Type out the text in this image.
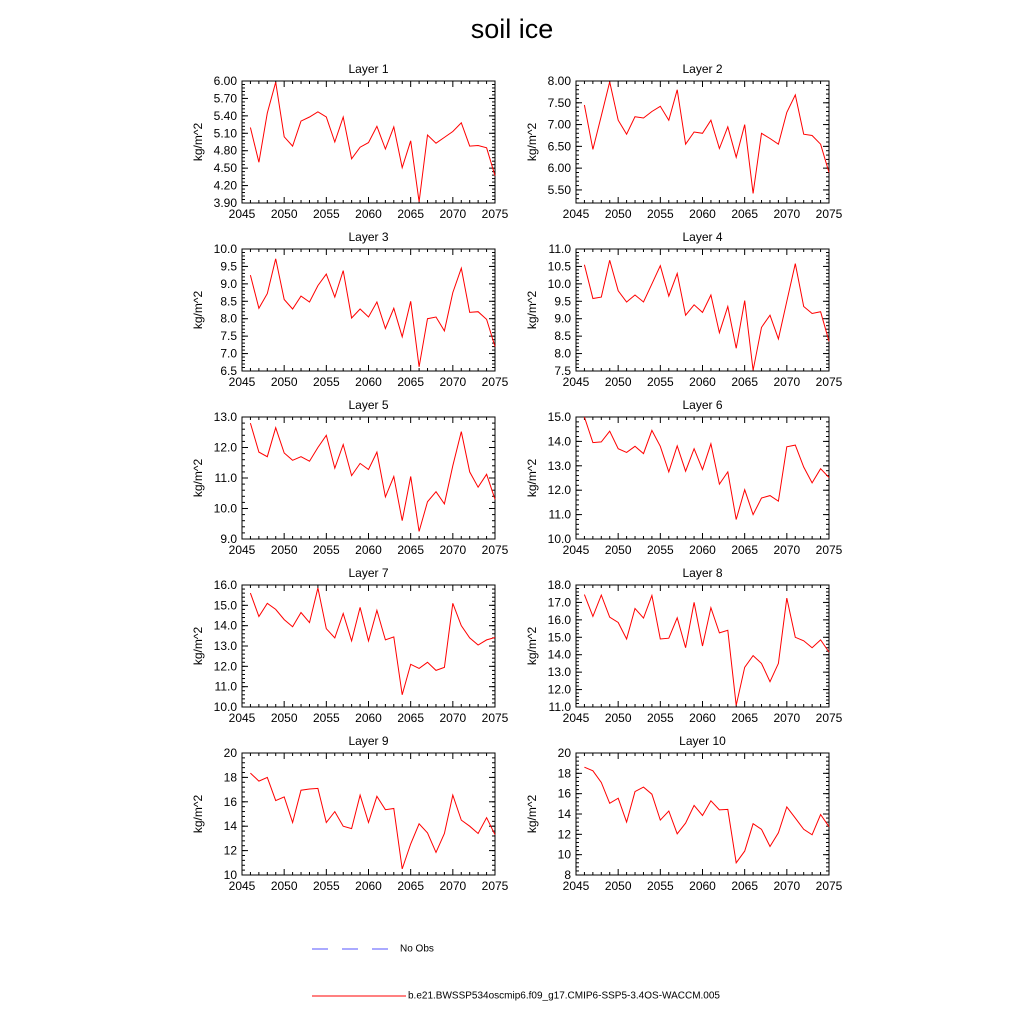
soil ice
Layer 1
kg/m^2
2045 2050 2055 2060 2065 2070 2075
3.90
4.20
4.50
4.80
5.10
5.40
5.70
6.00
Layer 2
kg/m^2
2045 2050 2055 2060 2065 2070 2075
5.50
6.00
6.50
7.00
7.50
8.00
Layer 3
kg/m^2
2045 2050 2055 2060 2065 2070 2075
6.5
7.0
7.5
8.0
8.5
9.0
9.5
10.0
Layer 4
kg/m^2
2045 2050 2055 2060 2065 2070 2075
7.5
8.0
8.5
9.0
9.5
10.0
10.5
11.0
Layer 5
kg/m^2
2045 2050 2055 2060 2065 2070 2075
9.0
10.0
11.0
12.0
13.0
Layer 6
kg/m^2
2045 2050 2055 2060 2065 2070 2075
10.0
11.0
12.0
13.0
14.0
15.0
Layer 7
kg/m^2
2045 2050 2055 2060 2065 2070 2075
10.0
11.0
12.0
13.0
14.0
15.0
16.0
Layer 8
kg/m^2
2045 2050 2055 2060 2065 2070 2075
11.0
12.0
13.0
14.0
15.0
16.0
17.0
18.0
Layer 9
kg/m^2
2045 2050 2055 2060 2065 2070 2075
10
12
14
16
18
20
Layer 10
kg/m^2
2045 2050 2055 2060 2065 2070 2075
8
10
12
14
16
18
20
No Obs
b.e21.BWSSP534oscmip6.f09_g17.CMIP6-SSP5-3.4OS-WACCM.005
